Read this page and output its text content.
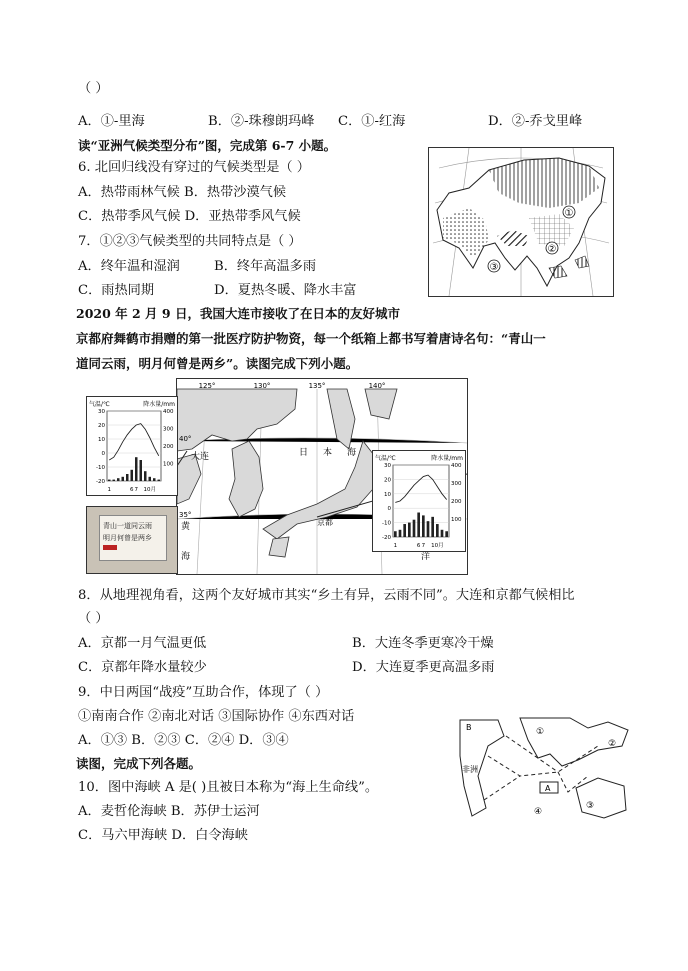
（ ）
A．①-里海	B．②-珠穆朗玛峰 C．①-红海	D．②-乔戈里峰
读“亚洲气候类型分布”图，完成第 6-7 小题。
6. 北回归线没有穿过的气候类型是（ ）
A．热带雨林气候 B．热带沙漠气候
C．热带季风气候 D．亚热带季风气候
7．①②③气候类型的共同特点是（ ）
A．终年温和湿润	B．终年高温多雨
C．雨热同期	D．夏热冬暖、降水丰富
2020 年 2 月 9 日，我国大连市接收了在日本的友好城市
京都府舞鹤市捐赠的第一批医疗防护物资，每一个纸箱上都书写着唐诗名句：“青山一
道同云雨，明月何曾是两乡”。读图完成下列小题。
8．从地理视角看，这两个友好城市其实“乡土有异，云雨不同”。大连和京都气候相比
（ ）
A．京都一月气温更低	B．大连冬季更寒冷干燥
C．京都年降水量较少	D．大连夏季更高温多雨
9．中日两国“战疫”互助合作，体现了（ ）
①南南合作 ②南北对话 ③国际协作 ④东西对话
A．①③ B．②③ C．②④ D．③④
读图，完成下列各题。
10．图中海峡 A 是( )且被日本称为“海上生命线”。
A．麦哲伦海峡 B．苏伊士运河
C．马六甲海峡 D．白令海峡
①
②
③
125°	130°	135°	140°
40°
35°
大连	日 本 海
京都
洋
黄
海
气温/℃	降水量/mm
30
20
10
0
-10
-20
400
300
200
100
1	6 7 10月
青山一道同云雨
明月何曾是两乡
气温/℃	降水量/mm
30
20
10
0
-10
-20
400
300
200
100
1	6 7 10月
B	①
②
③
④
A
非洲
